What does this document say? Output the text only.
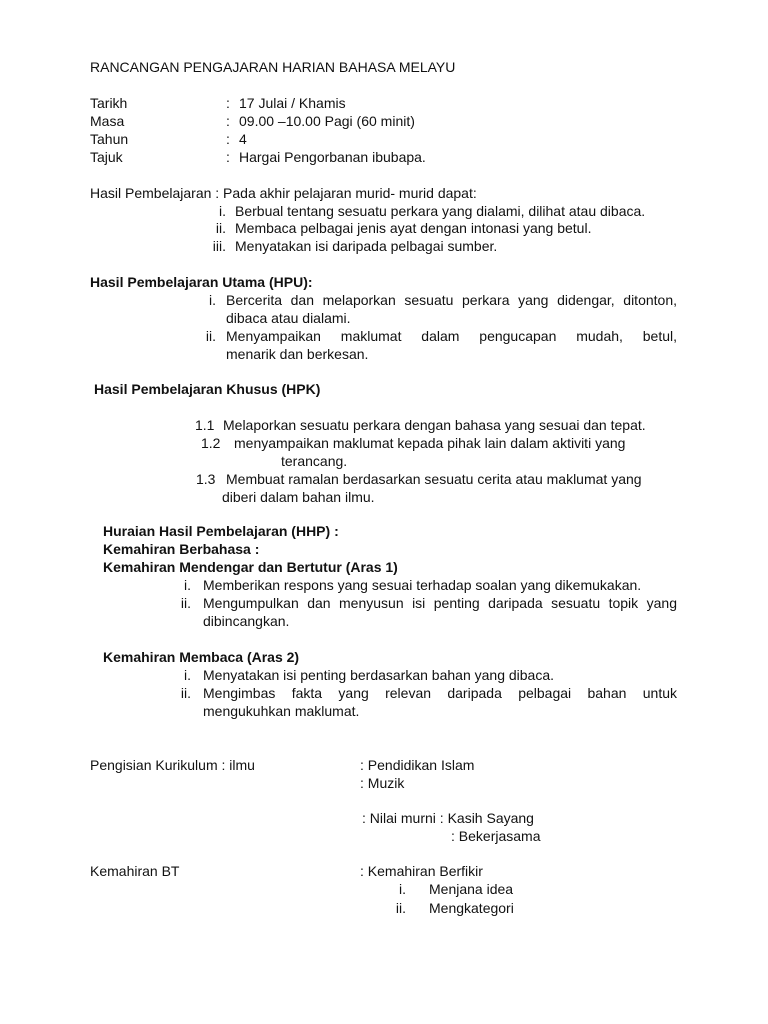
RANCANGAN PENGAJARAN HARIAN BAHASA MELAYU
Tarikh	: 17 Julai / Khamis
Masa	: 09.00 –10.00 Pagi (60 minit)
Tahun	: 4
Tajuk	: Hargai Pengorbanan ibubapa.
Hasil Pembelajaran : Pada akhir pelajaran murid- murid dapat:
i. Berbual tentang sesuatu perkara yang dialami, dilihat atau dibaca.
ii. Membaca pelbagai jenis ayat dengan intonasi yang betul.
iii. Menyatakan isi daripada pelbagai sumber.
Hasil Pembelajaran Utama (HPU):
i. Bercerita dan melaporkan sesuatu perkara yang didengar, ditonton,
dibaca atau dialami.
ii. Menyampaikan maklumat dalam pengucapan mudah, betul,
menarik dan berkesan.
Hasil Pembelajaran Khusus (HPK)
1.1 Melaporkan sesuatu perkara dengan bahasa yang sesuai dan tepat.
1.2 menyampaikan maklumat kepada pihak lain dalam aktiviti yang
terancang.
1.3 Membuat ramalan berdasarkan sesuatu cerita atau maklumat yang
diberi dalam bahan ilmu.
Huraian Hasil Pembelajaran (HHP) :
Kemahiran Berbahasa :
Kemahiran Mendengar dan Bertutur (Aras 1)
i. Memberikan respons yang sesuai terhadap soalan yang dikemukakan.
ii. Mengumpulkan dan menyusun isi penting daripada sesuatu topik yang
dibincangkan.
Kemahiran Membaca (Aras 2)
i. Menyatakan isi penting berdasarkan bahan yang dibaca.
ii. Mengimbas fakta yang relevan daripada pelbagai bahan untuk
mengukuhkan maklumat.
Pengisian Kurikulum : ilmu	: Pendidikan Islam
: Muzik
: Nilai murni : Kasih Sayang
: Bekerjasama
Kemahiran BT	: Kemahiran Berfikir
i. Menjana idea
ii. Mengkategori
